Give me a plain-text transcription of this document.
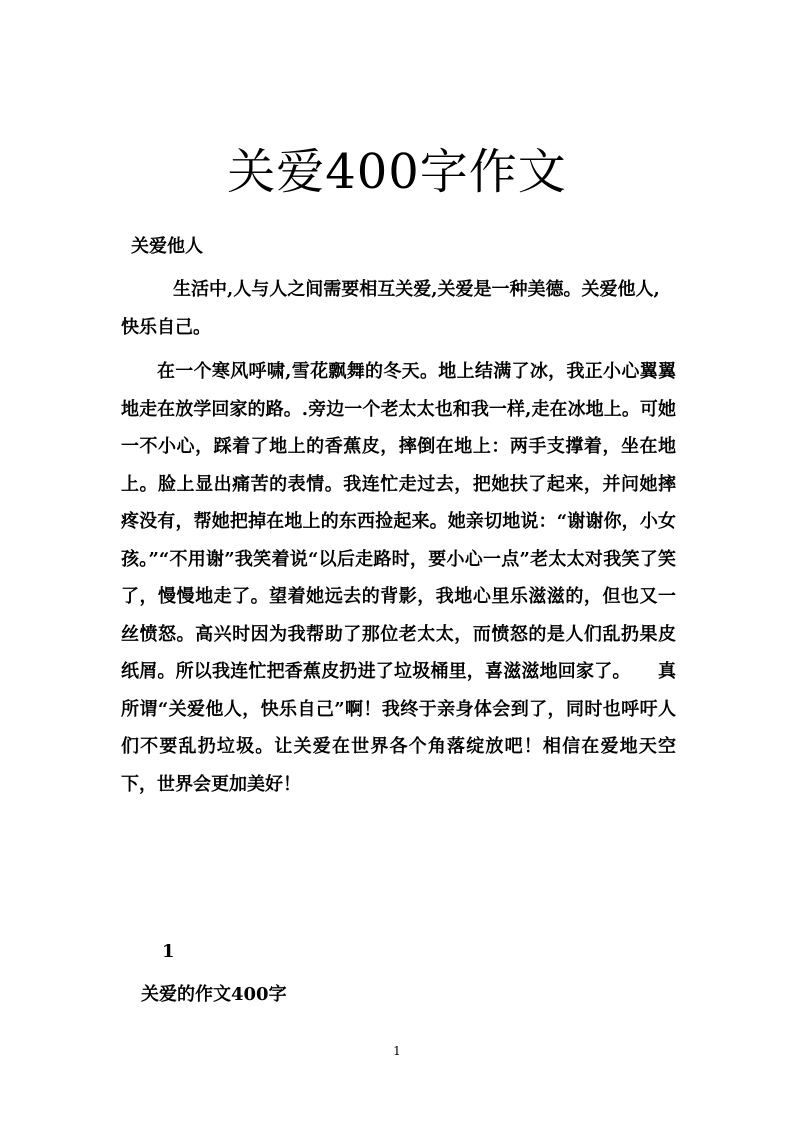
关爱400字作文

关爱他人

生活中,人与人之间需要相互关爱,关爱是一种美德。关爱他人,快乐自己。

在一个寒风呼啸,雪花飘舞的冬天。地上结满了冰，我正小心翼翼地走在放学回家的路。.旁边一个老太太也和我一样,走在冰地上。可她一不小心，踩着了地上的香蕉皮，摔倒在地上：两手支撑着，坐在地上。脸上显出痛苦的表情。我连忙走过去，把她扶了起来，并问她摔疼没有，帮她把掉在地上的东西捡起来。她亲切地说：“谢谢你，小女孩。”“不用谢”我笑着说“以后走路时，要小心一点”老太太对我笑了笑了，慢慢地走了。望着她远去的背影，我地心里乐滋滋的，但也又一丝愤怒。高兴时因为我帮助了那位老太太，而愤怒的是人们乱扔果皮纸屑。所以我连忙把香蕉皮扔进了垃圾桶里，喜滋滋地回家了。　　真所谓“关爱他人，快乐自己”啊！我终于亲身体会到了，同时也呼吁人们不要乱扔垃圾。让关爱在世界各个角落绽放吧！相信在爱地天空下，世界会更加美好！

1

关爱的作文400字

1
